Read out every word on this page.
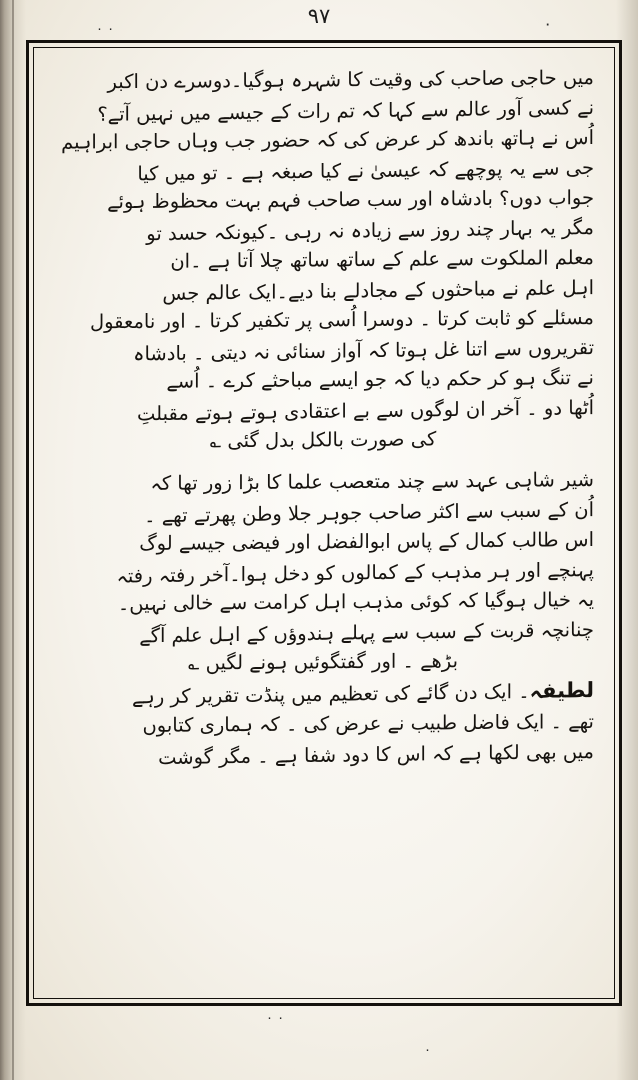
۹۷
٠ ٠	٠
میں حاجی صاحب کی وقیت کا شہرہ ہوگیا۔دوسرے دن اکبر
نے کسی آور عالم سے کہا کہ تم رات کے جیسے میں نہیں آتے؟
اُس نے ہاتھ باندھ کر عرض کی کہ حضور جب وہاں حاجی ابراہیم
جی سے یہ پوچھے کہ عیسیٰ نے کیا صبغہ ہے ۔ تو میں کیا
جواب دوں؟ بادشاہ اور سب صاحب فہم بہت محظوظ ہوئے
مگر یہ بہار چند روز سے زیادہ نہ رہی ۔کیونکہ حسد تو
معلم الملکوت سے علم کے ساتھ ساتھ چلا آتا ہے ۔ان
اہل علم نے مباحثوں کے مجادلے بنا دیے۔ایک عالم جس
مسئلے کو ثابت کرتا ۔ دوسرا اُسی پر تکفیر کرتا ۔ اور نامعقول
تقریروں سے اتنا غل ہوتا کہ آواز سنائی نہ دیتی ۔ بادشاہ
نے تنگ ہو کر حکم دیا کہ جو ایسے مباحثے کرے ۔ اُسے
اُٹھا دو ۔ آخر ان لوگوں سے بے اعتقادی ہوتے ہوتے مقبلتِ
کی صورت بالکل بدل گئی ؎
شیر شاہی عہد سے چند متعصب علما کا بڑا زور تھا کہ
اُن کے سبب سے اکثر صاحب جوہر جلا وطن پھرتے تھے ۔
اس طالب کمال کے پاس ابوالفضل اور فیضی جیسے لوگ
پہنچے اور ہر مذہب کے کمالوں کو دخل ہوا۔آخر رفتہ رفتہ
یہ خیال ہوگیا کہ کوئی مذہب اہل کرامت سے خالی نہیں۔
چنانچہ قربت کے سبب سے پہلے ہندوؤں کے اہل علم آگے
بڑھے ۔ اور گفتگوئیں ہونے لگیں ؎
لطیفہ۔ ایک دن گائے کی تعظیم میں پنڈت تقریر کر رہے
تھے ۔ ایک فاضل طبیب نے عرض کی ۔ کہ ہماری کتابوں
میں بھی لکھا ہے کہ اس کا دود شفا ہے ۔ مگر گوشت
٠ ٠
٠
